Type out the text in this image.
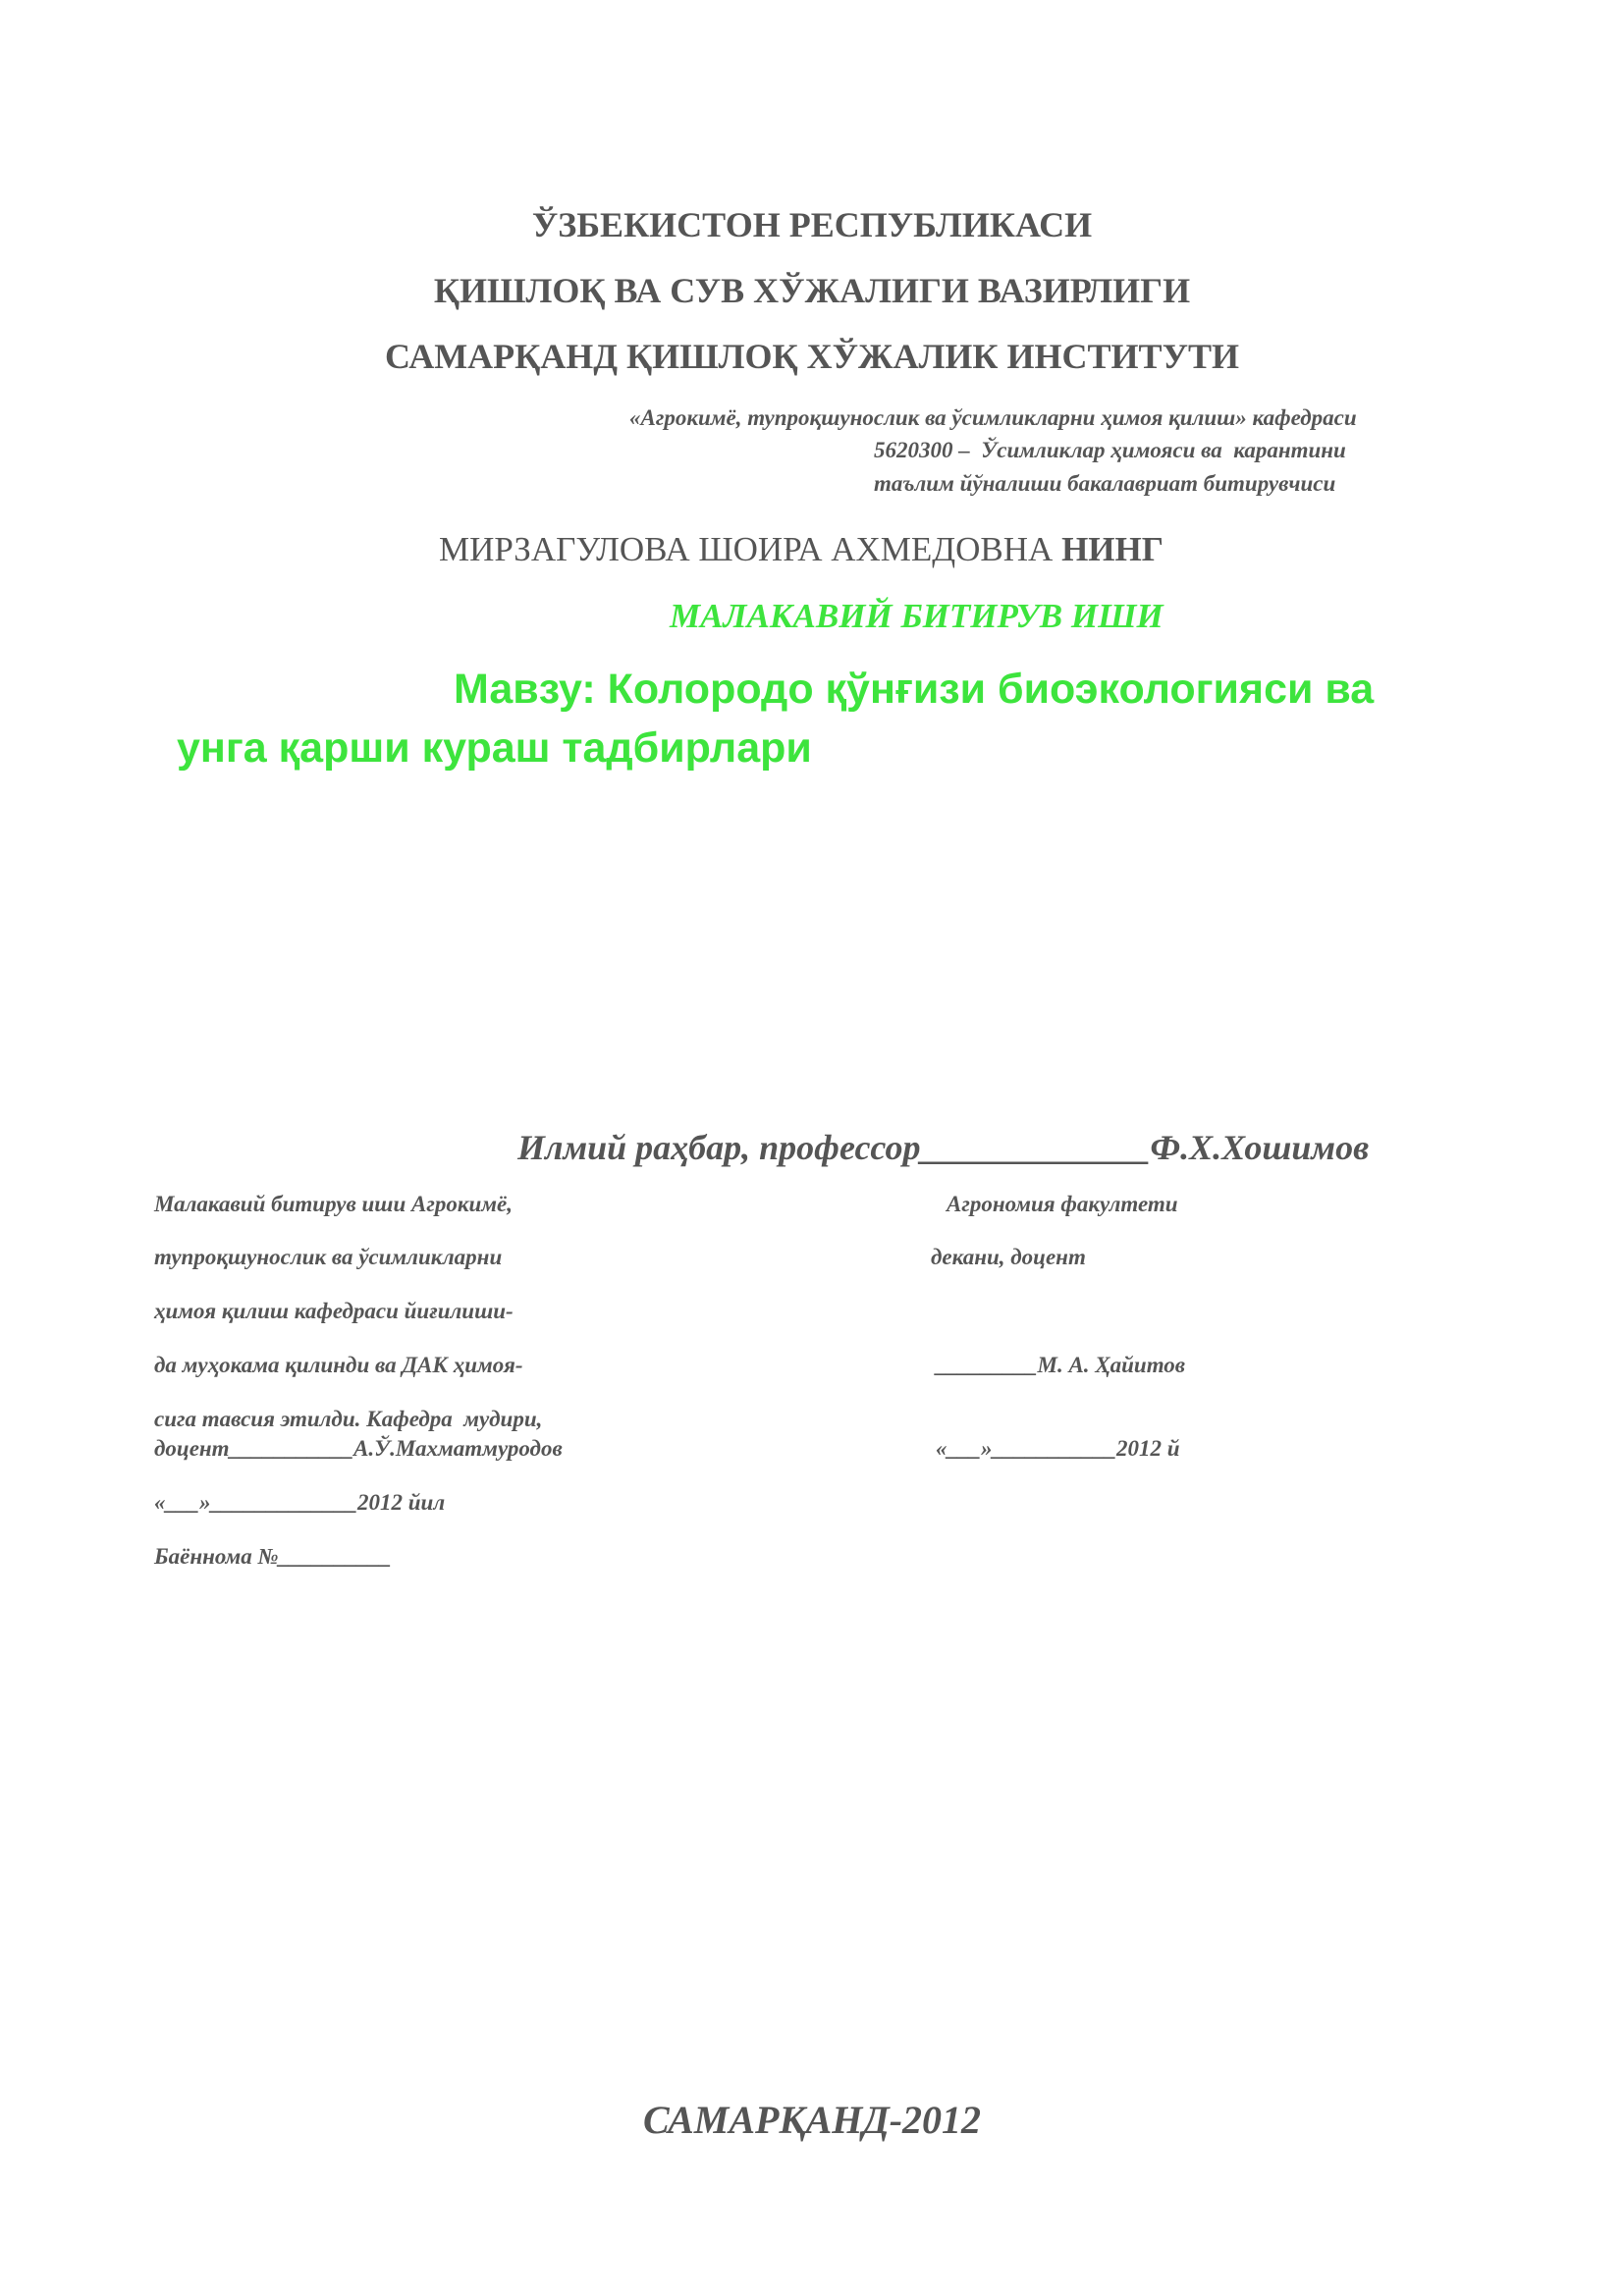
ЎЗБЕКИСТОН РЕСПУБЛИКАСИ
ҚИШЛОҚ ВА СУВ ХЎЖАЛИГИ ВАЗИРЛИГИ
САМАРҚАНД ҚИШЛОҚ ХЎЖАЛИК ИНСТИТУТИ
«Агрокимё, тупроқшунослик ва ўсимликларни ҳимоя қилиш» кафедраси
5620300 –  Ўсимликлар ҳимояси ва  карантини
таълим йўналиши бакалавриат битирувчиси
МИРЗАГУЛОВА ШОИРА АХМЕДОВНА НИНГ
МАЛАКАВИЙ БИТИРУВ ИШИ
Мавзу: Колородо қўнғизи биоэкологияси ва
унга қарши кураш тадбирлари
Илмий раҳбар, профессор_____________Ф.Х.Хошимов
Малакавий битирув иши Агрокимё,
тупроқшунослик ва ўсимликларни
ҳимоя қилиш кафедраси йиғилиши-
да муҳокама қилинди ва ДАК ҳимоя-
сига тавсия этилди. Кафедра  мудири,
доцент___________А.Ў.Махматмуродов
«___»_____________2012 йил
Баённома №__________
Агрономия факултети
декани, доцент
_________М. А. Ҳайитов
«___»___________2012 й
САМАРҚАНД-2012
